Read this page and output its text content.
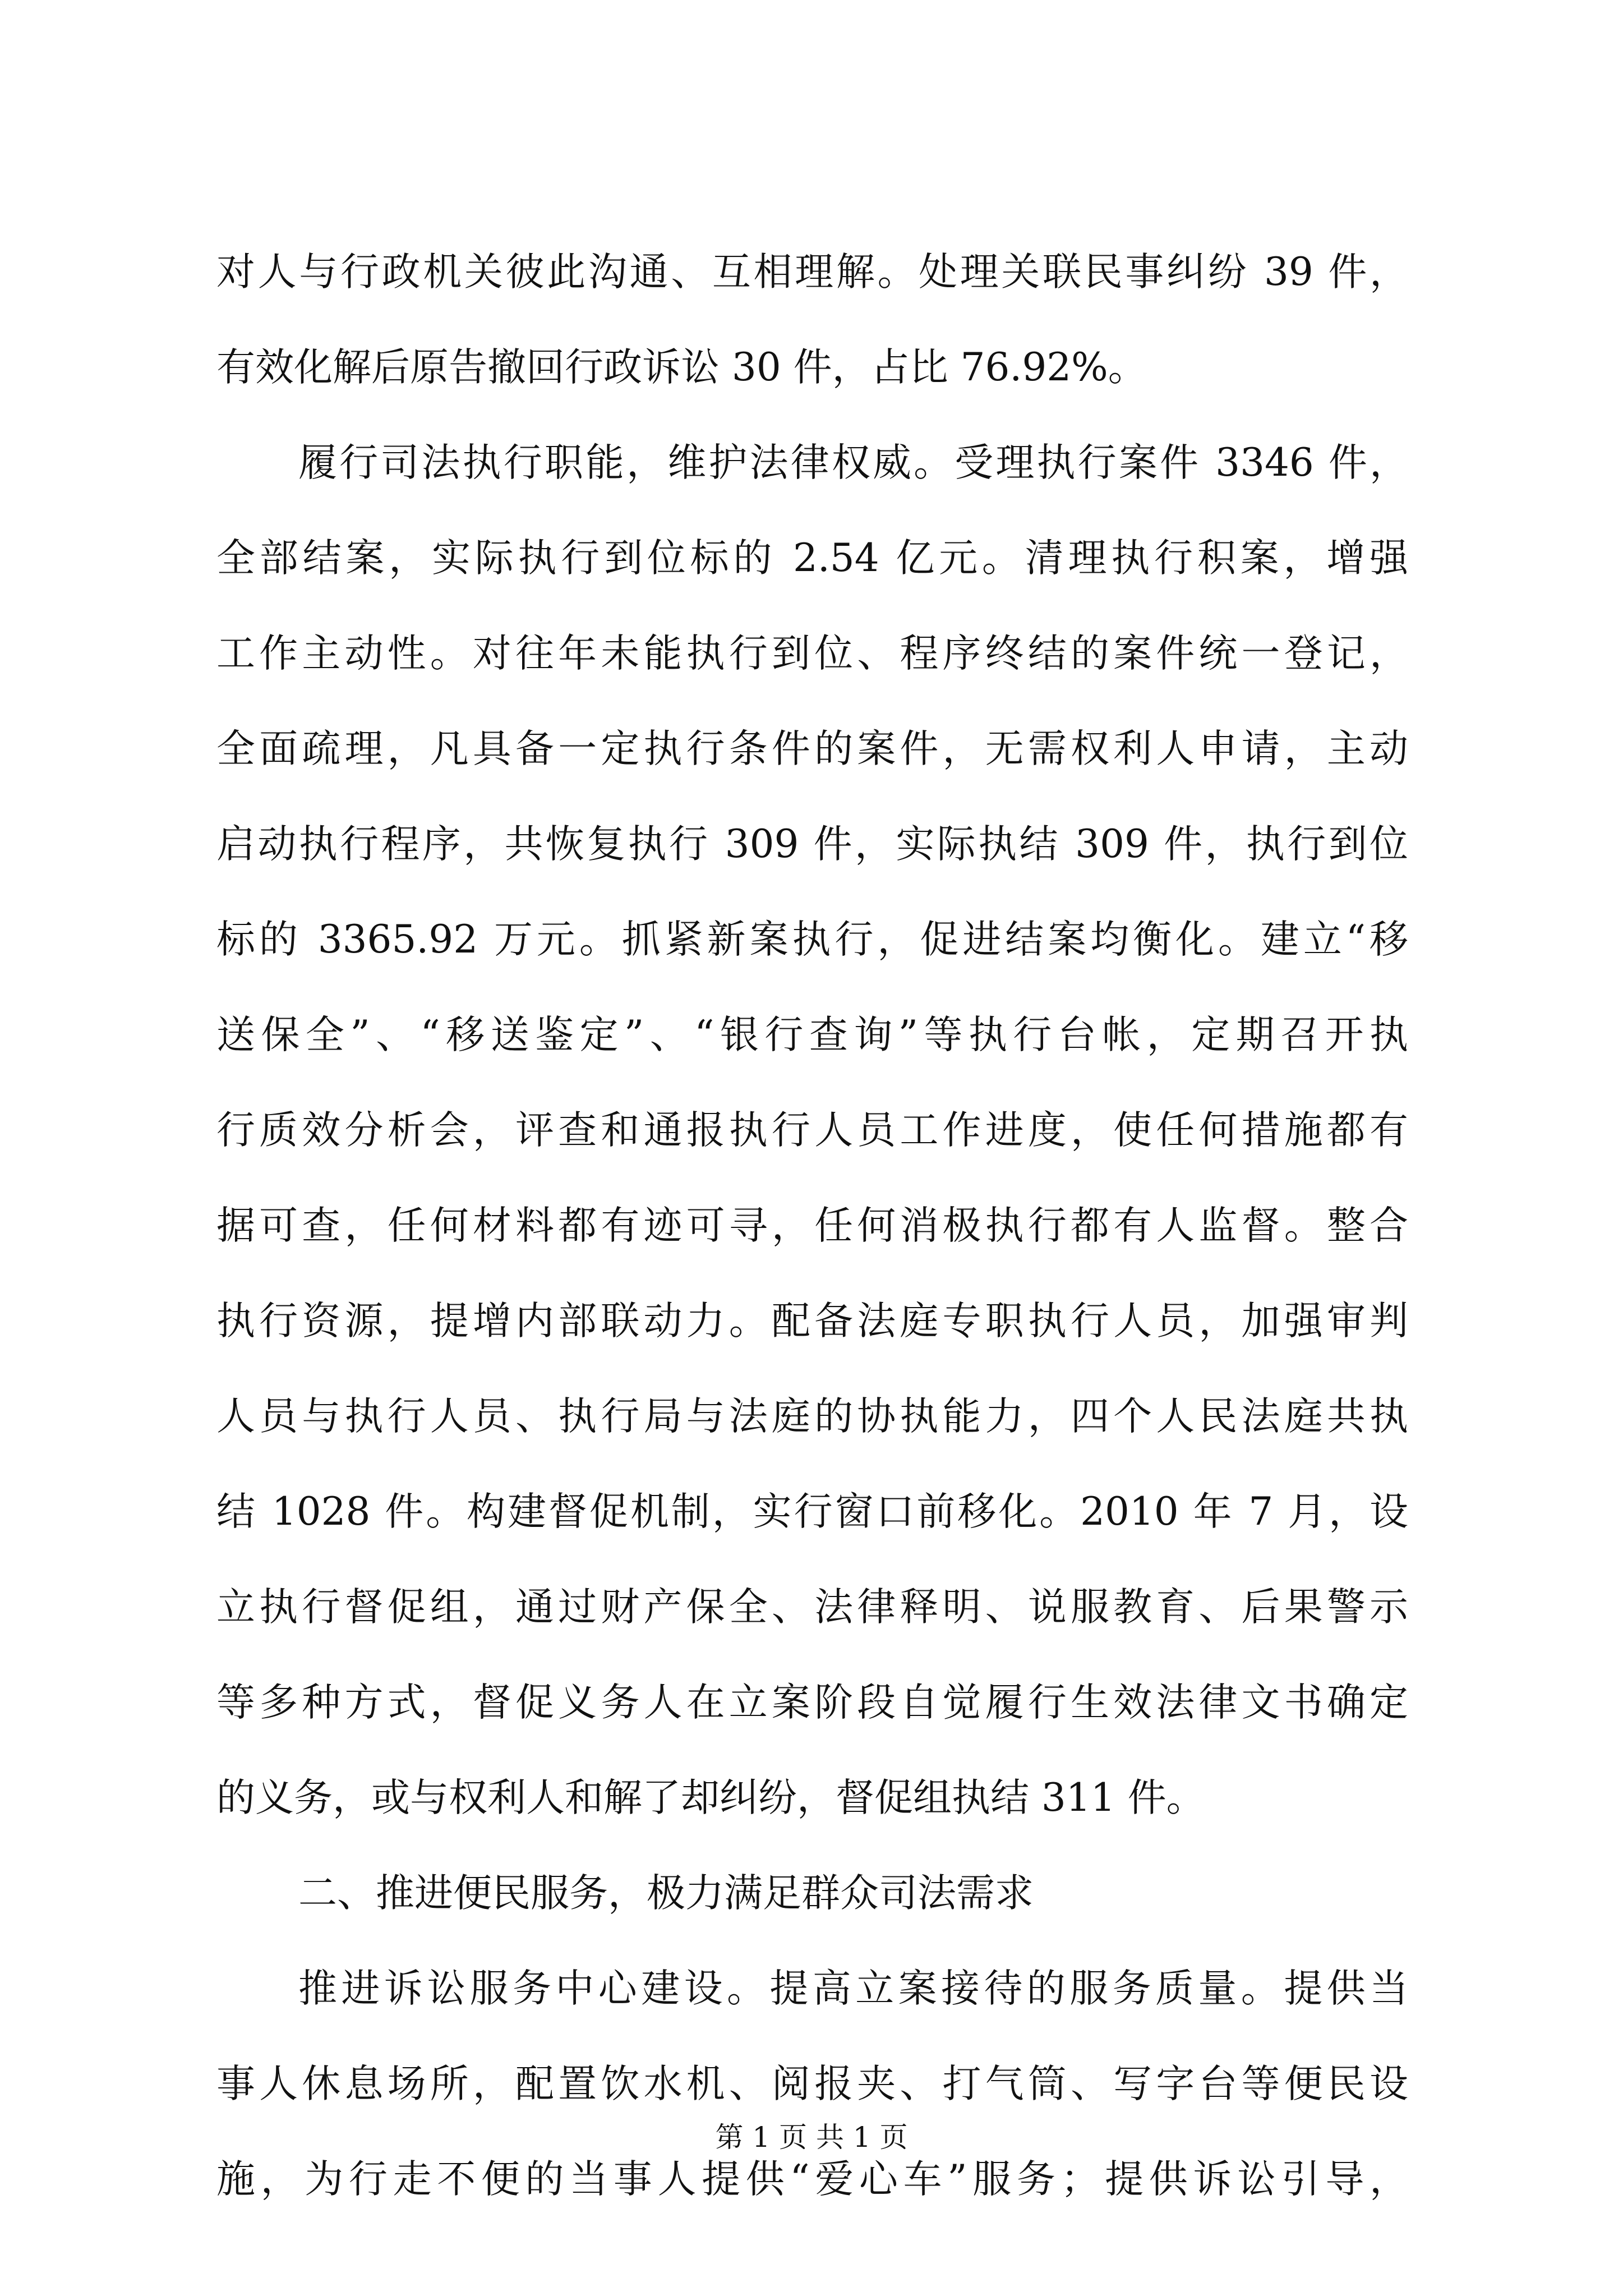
对人与行政机关彼此沟通、互相理解。处理关联民事纠纷 39 件，
有效化解后原告撤回行政诉讼 30 件，占比 76.92%。
履行司法执行职能，维护法律权威。受理执行案件 3346 件，
全部结案，实际执行到位标的 2.54 亿元。清理执行积案，增强
工作主动性。对往年未能执行到位、程序终结的案件统一登记，
全面疏理，凡具备一定执行条件的案件，无需权利人申请，主动
启动执行程序，共恢复执行 309 件，实际执结 309 件，执行到位
标的 3365.92 万元。抓紧新案执行，促进结案均衡化。建立“移
送保全”、“移送鉴定”、“银行查询”等执行台帐，定期召开执
行质效分析会，评查和通报执行人员工作进度，使任何措施都有
据可查，任何材料都有迹可寻，任何消极执行都有人监督。整合
执行资源，提增内部联动力。配备法庭专职执行人员，加强审判
人员与执行人员、执行局与法庭的协执能力，四个人民法庭共执
结 1028 件。构建督促机制，实行窗口前移化。2010 年 7 月，设
立执行督促组，通过财产保全、法律释明、说服教育、后果警示
等多种方式，督促义务人在立案阶段自觉履行生效法律文书确定
的义务，或与权利人和解了却纠纷，督促组执结 311 件。
二、推进便民服务，极力满足群众司法需求
推进诉讼服务中心建设。提高立案接待的服务质量。提供当
事人休息场所，配置饮水机、阅报夹、打气筒、写字台等便民设
施，为行走不便的当事人提供“爱心车”服务；提供诉讼引导，
第 1 页 共 1 页
